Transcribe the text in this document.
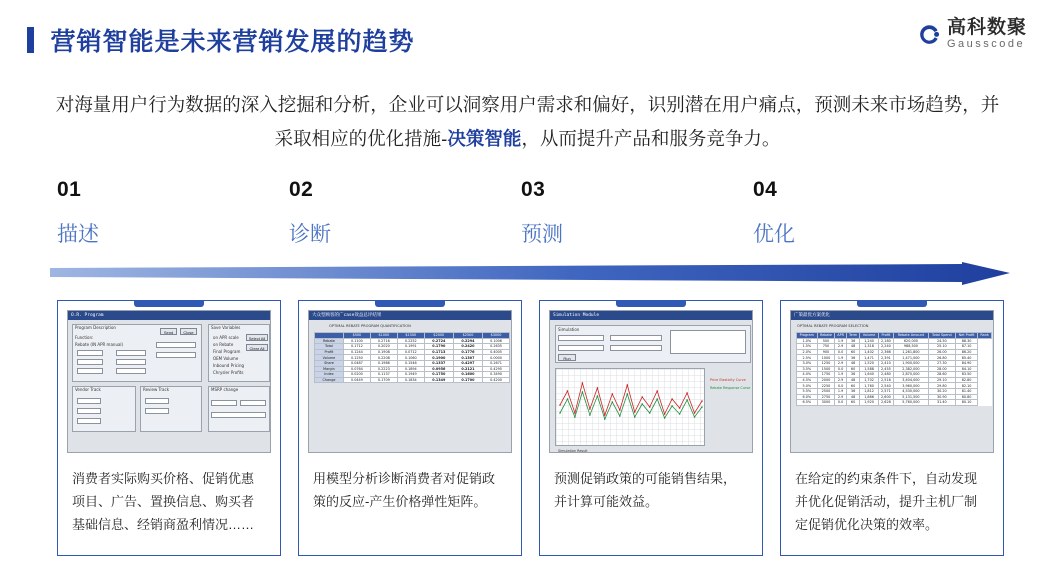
营销智能是未来营销发展的趋势
高科数聚
Gausscode
对海量用户行为数据的深入挖掘和分析，企业可以洞察用户需求和偏好，识别潜在用户痛点，预测未来市场趋势，并采取相应的优化措施-决策智能，从而提升产品和服务竞争力。
01
描述
02
诊断
03
预测
04
优化
O.R. Program
Program Description
Function:
Rebate (IN APR manual)
Save Variables
on APR scale
on Rebate
Final Program
OEM Volume
Inbound Pricing
Chrysler Profits
Select All
Clear All
Send	Close
Vendor Track	Review Track	MSRP change
消费者实际购买价格、促销优惠项目、广告、置换信息、购买者基础信息、经销商盈利情况……
大众型顾客的广case效益总评结果
OPTIMAL REBATE PROGRAM QUANTIFICATION
	$500	$1000	$1500	$2000	$2500	$3000
Rebate	0.1100	0.2716	0.2252	0.2724	0.2294	0.1006
Total	0.1712	0.2020	0.1991	0.1790	0.2420	0.2635
Profit	0.1244	0.1908	0.0712	0.1713	0.1776	0.4005
Volume	0.1250	0.2208	0.1060	0.1900	0.1307	0.0000
Share	0.0487	0.1986	0.1546	0.1337	0.4297	0.2671
Margin	0.0764	0.2223	0.1894	0.0956	0.2121	0.4295
Index	0.0200	0.1137	0.1949	0.1750	0.1600	0.3490
Change	0.0449	0.1709	0.1834	0.1349	0.1700	0.4200
用模型分析诊断消费者对促销政策的反应-产生价格弹性矩阵。
Simulation Module
Simulation
Run
Price Elasticity Curve
Rebate Response Curve
Simulation Result
预测促销政策的可能销售结果，并计算可能效益。
广策最优方案优化
OPTIMAL REBATE PROGRAM SELECTION
Program	Rebate	APR	Term	Volume	Profit	Rebate Amount	Total Spend	Net Profit	Rank
1.0%	500	1.9	36	1,240	2,180	620,000	24.50	88.30	
1.5%	750	2.9	48	1,318	2,240	988,500	25.10	87.10	
2.0%	900	0.0	60	1,402	2,366	1,261,800	26.00	86.20	
2.5%	1000	1.9	36	1,471	2,391	1,471,000	26.80	85.40	
3.0%	1250	2.9	48	1,520	2,410	1,900,000	27.30	84.90	
3.5%	1500	0.0	60	1,588	2,455	2,382,000	28.00	84.10	
4.0%	1750	1.9	36	1,640	2,480	2,870,000	28.60	83.50	
4.5%	2000	2.9	48	1,702	2,516	3,404,000	29.10	82.80	
5.0%	2250	0.0	60	1,760	2,540	3,960,000	29.80	82.10	
5.5%	2500	1.9	36	1,812	2,571	4,530,000	30.20	81.40	
6.0%	2750	2.9	48	1,866	2,600	5,131,500	30.90	80.80	
6.5%	3000	0.0	60	1,920	2,628	5,760,000	31.40	80.10	
在给定的约束条件下，自动发现并优化促销活动，提升主机厂制定促销优化决策的效率。
